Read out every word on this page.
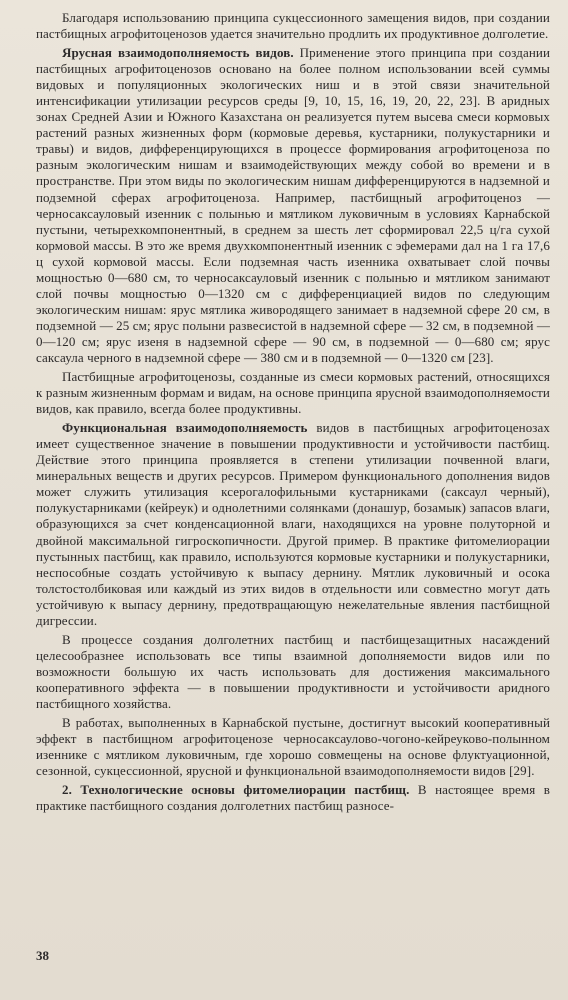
Благодаря использованию принципа сукцессионного замещения видов, при создании пастбищных агрофитоценозов удается значительно продлить их продуктивное долголетие.

Ярусная взаимодополняемость видов. Применение этого принципа при создании пастбищных агрофитоценозов основано на более полном использовании всей суммы видовых и популяционных экологических ниш и в этой связи значительной интенсификации утилизации ресурсов среды [9, 10, 15, 16, 19, 20, 22, 23]. В аридных зонах Средней Азии и Южного Казахстана он реализуется путем высева смеси кормовых растений разных жизненных форм (кормовые деревья, кустарники, полукустарники и травы) и видов, дифференцирующихся в процессе формирования агрофитоценоза по разным экологическим нишам и взаимодействующих между собой во времени и в пространстве. При этом виды по экологическим нишам дифференцируются в надземной и подземной сферах агрофитоценоза. Например, пастбищный агрофитоценоз — черносаксауловый изенник с полынью и мятликом луковичным в условиях Карнабской пустыни, четырехкомпонентный, в среднем за шесть лет сформировал 22,5 ц/га сухой кормовой массы. В это же время двухкомпонентный изенник с эфемерами дал на 1 га 17,6 ц сухой кормовой массы. Если подземная часть изенника охватывает слой почвы мощностью 0—680 см, то черносаксауловый изенник с полынью и мятликом занимают слой почвы мощностью 0—1320 см с дифференциацией видов по следующим экологическим нишам: ярус мятлика живородящего занимает в надземной сфере 20 см, в подземной — 25 см; ярус полыни развесистой в надземной сфере — 32 см, в подземной — 0—120 см; ярус изеня в надземной сфере — 90 см, в подземной — 0—680 см; ярус саксаула черного в надземной сфере — 380 см и в подземной — 0—1320 см [23].

Пастбищные агрофитоценозы, созданные из смеси кормовых растений, относящихся к разным жизненным формам и видам, на основе принципа ярусной взаимодополняемости видов, как правило, всегда более продуктивны.

Функциональная взаимодополняемость видов в пастбищных агрофитоценозах имеет существенное значение в повышении продуктивности и устойчивости пастбищ. Действие этого принципа проявляется в степени утилизации почвенной влаги, минеральных веществ и других ресурсов. Примером функционального дополнения видов может служить утилизация ксерогалофильными кустарниками (саксаул черный), полукустарниками (кейреук) и однолетними солянками (донашур, бозамык) запасов влаги, образующихся за счет конденсационной влаги, находящихся на уровне полуторной и двойной максимальной гигроскопичности. Другой пример. В практике фитомелиорации пустынных пастбищ, как правило, используются кормовые кустарники и полукустарники, неспособные создать устойчивую к выпасу дернину. Мятлик луковичный и осока толстостолбиковая или каждый из этих видов в отдельности или совместно могут дать устойчивую к выпасу дернину, предотвращающую нежелательные явления пастбищной дигрессии.

В процессе создания долголетних пастбищ и пастбищезащитных насаждений целесообразнее использовать все типы взаимной дополняемости видов или по возможности большую их часть использовать для достижения максимального кооперативного эффекта — в повышении продуктивности и устойчивости аридного пастбищного хозяйства.

В работах, выполненных в Карнабской пустыне, достигнут высокий кооперативный эффект в пастбищном агрофитоценозе черносаксаулово-чогоно-кейреуково-полынном изеннике с мятликом луковичным, где хорошо совмещены на основе флуктуационной, сезонной, сукцессионной, ярусной и функциональной взаимодополняемости видов [29].

2. Технологические основы фитомелиорации пастбищ. В настоящее время в практике пастбищного создания долголетних пастбищ разносе-

38
